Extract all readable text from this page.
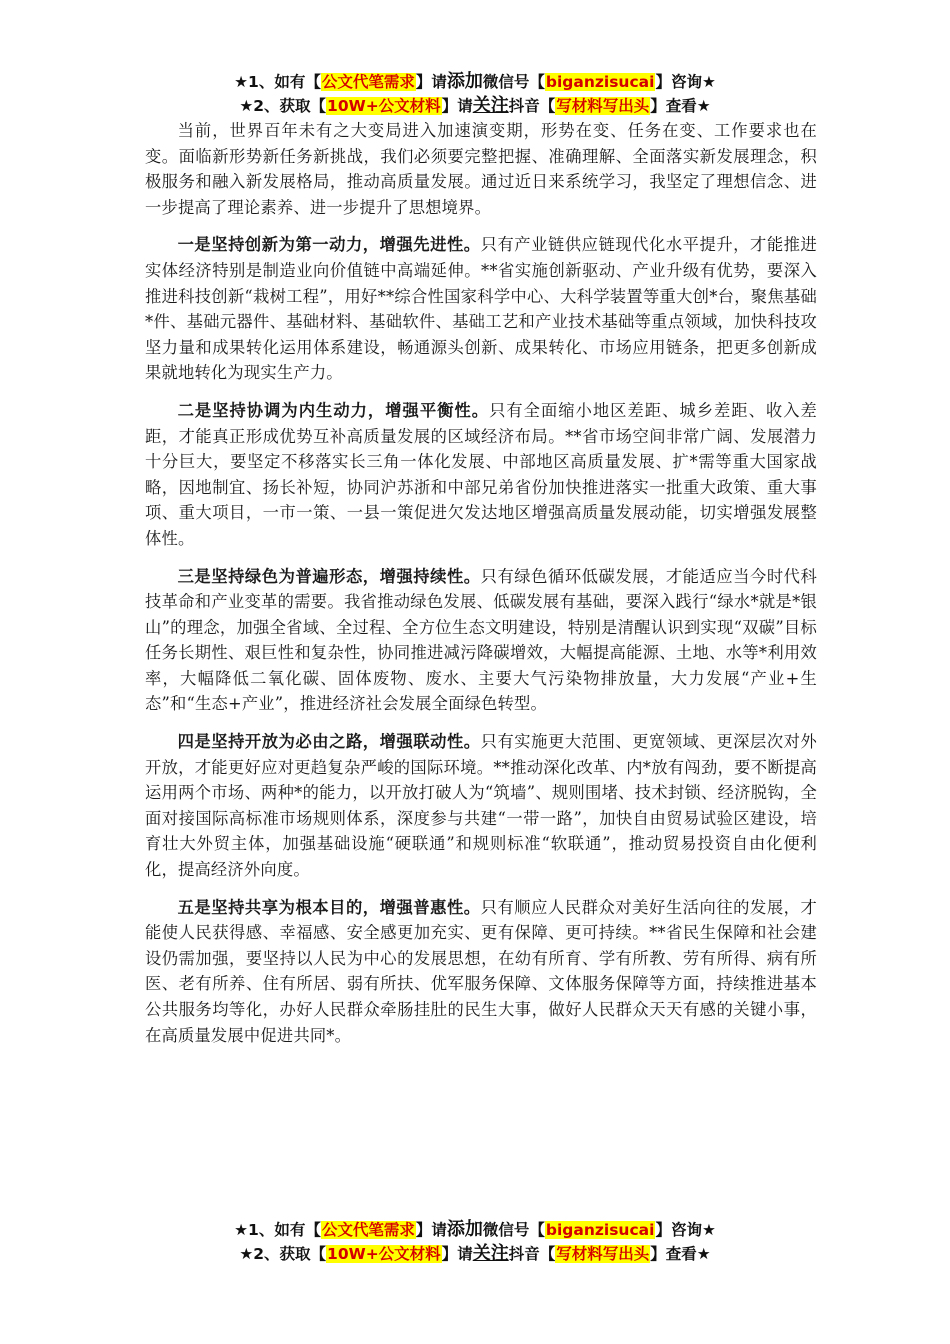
★1、如有【公文代笔需求】请添加微信号【biganzisucai】咨询★
★2、获取【10W+公文材料】请关注抖音【写材料写出头】查看★

当前，世界百年未有之大变局进入加速演变期，形势在变、任务在变、工作要求也在变。面临新形势新任务新挑战，我们必须要完整把握、准确理解、全面落实新发展理念，积极服务和融入新发展格局，推动高质量发展。通过近日来系统学习，我坚定了理想信念、进一步提高了理论素养、进一步提升了思想境界。

一是坚持创新为第一动力，增强先进性。只有产业链供应链现代化水平提升，才能推进实体经济特别是制造业向价值链中高端延伸。**省实施创新驱动、产业升级有优势，要深入推进科技创新“栽树工程”，用好**综合性国家科学中心、大科学装置等重大创*台，聚焦基础*件、基础元器件、基础材料、基础软件、基础工艺和产业技术基础等重点领域，加快科技攻坚力量和成果转化运用体系建设，畅通源头创新、成果转化、市场应用链条，把更多创新成果就地转化为现实生产力。

二是坚持协调为内生动力，增强平衡性。只有全面缩小地区差距、城乡差距、收入差距，才能真正形成优势互补高质量发展的区域经济布局。**省市场空间非常广阔、发展潜力十分巨大，要坚定不移落实长三角一体化发展、中部地区高质量发展、扩*需等重大国家战略，因地制宜、扬长补短，协同沪苏浙和中部兄弟省份加快推进落实一批重大政策、重大事项、重大项目，一市一策、一县一策促进欠发达地区增强高质量发展动能，切实增强发展整体性。

三是坚持绿色为普遍形态，增强持续性。只有绿色循环低碳发展，才能适应当今时代科技革命和产业变革的需要。我省推动绿色发展、低碳发展有基础，要深入践行“绿水*就是*银山”的理念，加强全省域、全过程、全方位生态文明建设，特别是清醒认识到实现“双碳”目标任务长期性、艰巨性和复杂性，协同推进减污降碳增效，大幅提高能源、土地、水等*利用效率，大幅降低二氧化碳、固体废物、废水、主要大气污染物排放量，大力发展“产业+生态”和“生态+产业”，推进经济社会发展全面绿色转型。

四是坚持开放为必由之路，增强联动性。只有实施更大范围、更宽领域、更深层次对外开放，才能更好应对更趋复杂严峻的国际环境。**推动深化改革、内*放有闯劲，要不断提高运用两个市场、两种*的能力，以开放打破人为“筑墙”、规则围堵、技术封锁、经济脱钩，全面对接国际高标准市场规则体系，深度参与共建“一带一路”，加快自由贸易试验区建设，培育壮大外贸主体，加强基础设施“硬联通”和规则标准“软联通”，推动贸易投资自由化便利化，提高经济外向度。

五是坚持共享为根本目的，增强普惠性。只有顺应人民群众对美好生活向往的发展，才能使人民获得感、幸福感、安全感更加充实、更有保障、更可持续。**省民生保障和社会建设仍需加强，要坚持以人民为中心的发展思想，在幼有所育、学有所教、劳有所得、病有所医、老有所养、住有所居、弱有所扶、优军服务保障、文体服务保障等方面，持续推进基本公共服务均等化，办好人民群众牵肠挂肚的民生大事，做好人民群众天天有感的关键小事，在高质量发展中促进共同*。

★1、如有【公文代笔需求】请添加微信号【biganzisucai】咨询★
★2、获取【10W+公文材料】请关注抖音【写材料写出头】查看★
